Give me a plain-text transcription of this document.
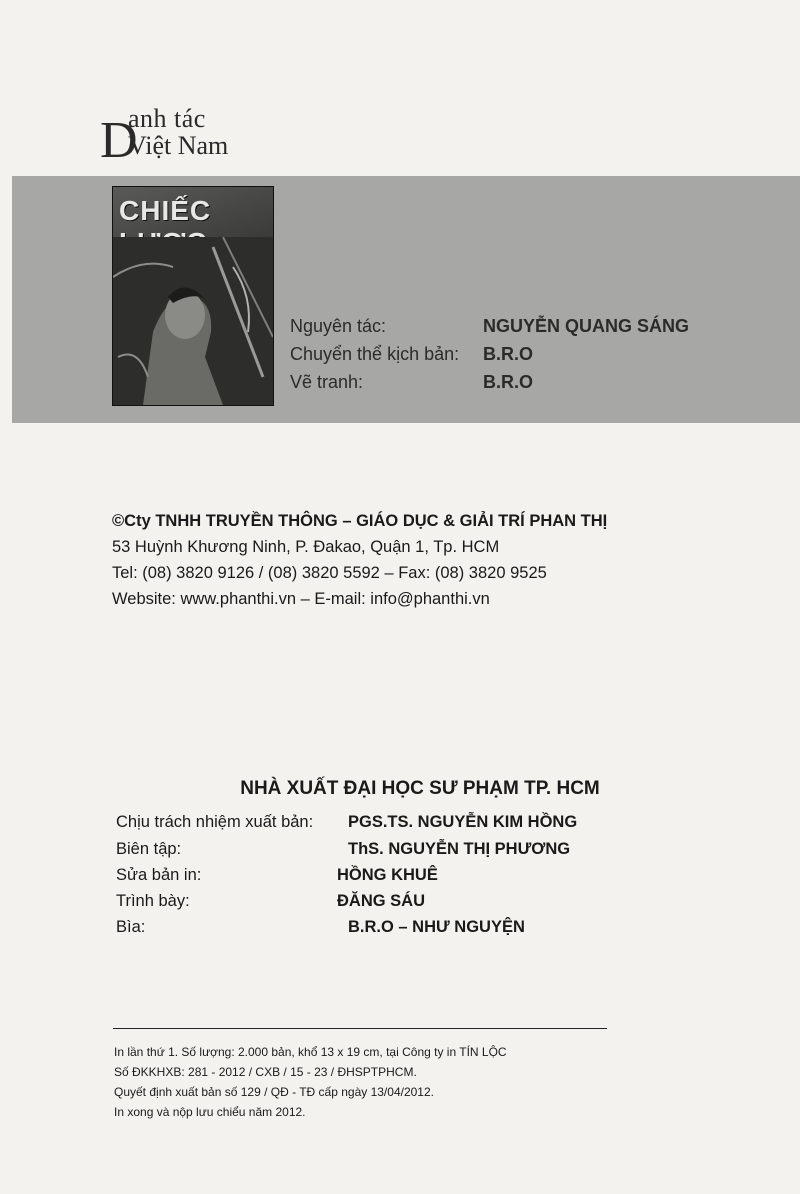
D
anh tác
Việt Nam
CHIẾC
Nguyên tác:	NGUYỄN QUANG SÁNG
Chuyển thể kịch bản: B.R.O
Vẽ tranh:	B.R.O
©Cty TNHH TRUYỀN THÔNG – GIÁO DỤC & GIẢI TRÍ PHAN THỊ
53 Huỳnh Khương Ninh, P. Đakao, Quận 1, Tp. HCM
Tel: (08) 3820 9126 / (08) 3820 5592 – Fax: (08) 3820 9525
Website: www.phanthi.vn – E-mail: info@phanthi.vn
NHÀ XUẤT ĐẠI HỌC SƯ PHẠM TP. HCM
Chịu trách nhiệm xuất bản: PGS.TS. NGUYỄN KIM HỒNG
Biên tập:	ThS. NGUYỄN THỊ PHƯƠNG
Sửa bản in:	HỒNG KHUÊ
Trình bày:	ĐĂNG SÁU
Bìa:	B.R.O – NHƯ NGUYỆN
In lần thứ 1. Số lượng: 2.000 bản, khổ 13 x 19 cm, tại Công ty in TÍN LỘC
Số ĐKKHXB: 281 - 2012 / CXB / 15 - 23 / ĐHSPTPHCM.
Quyết định xuất bản số 129 / QĐ - TĐ cấp ngày 13/04/2012.
In xong và nộp lưu chiểu năm 2012.
